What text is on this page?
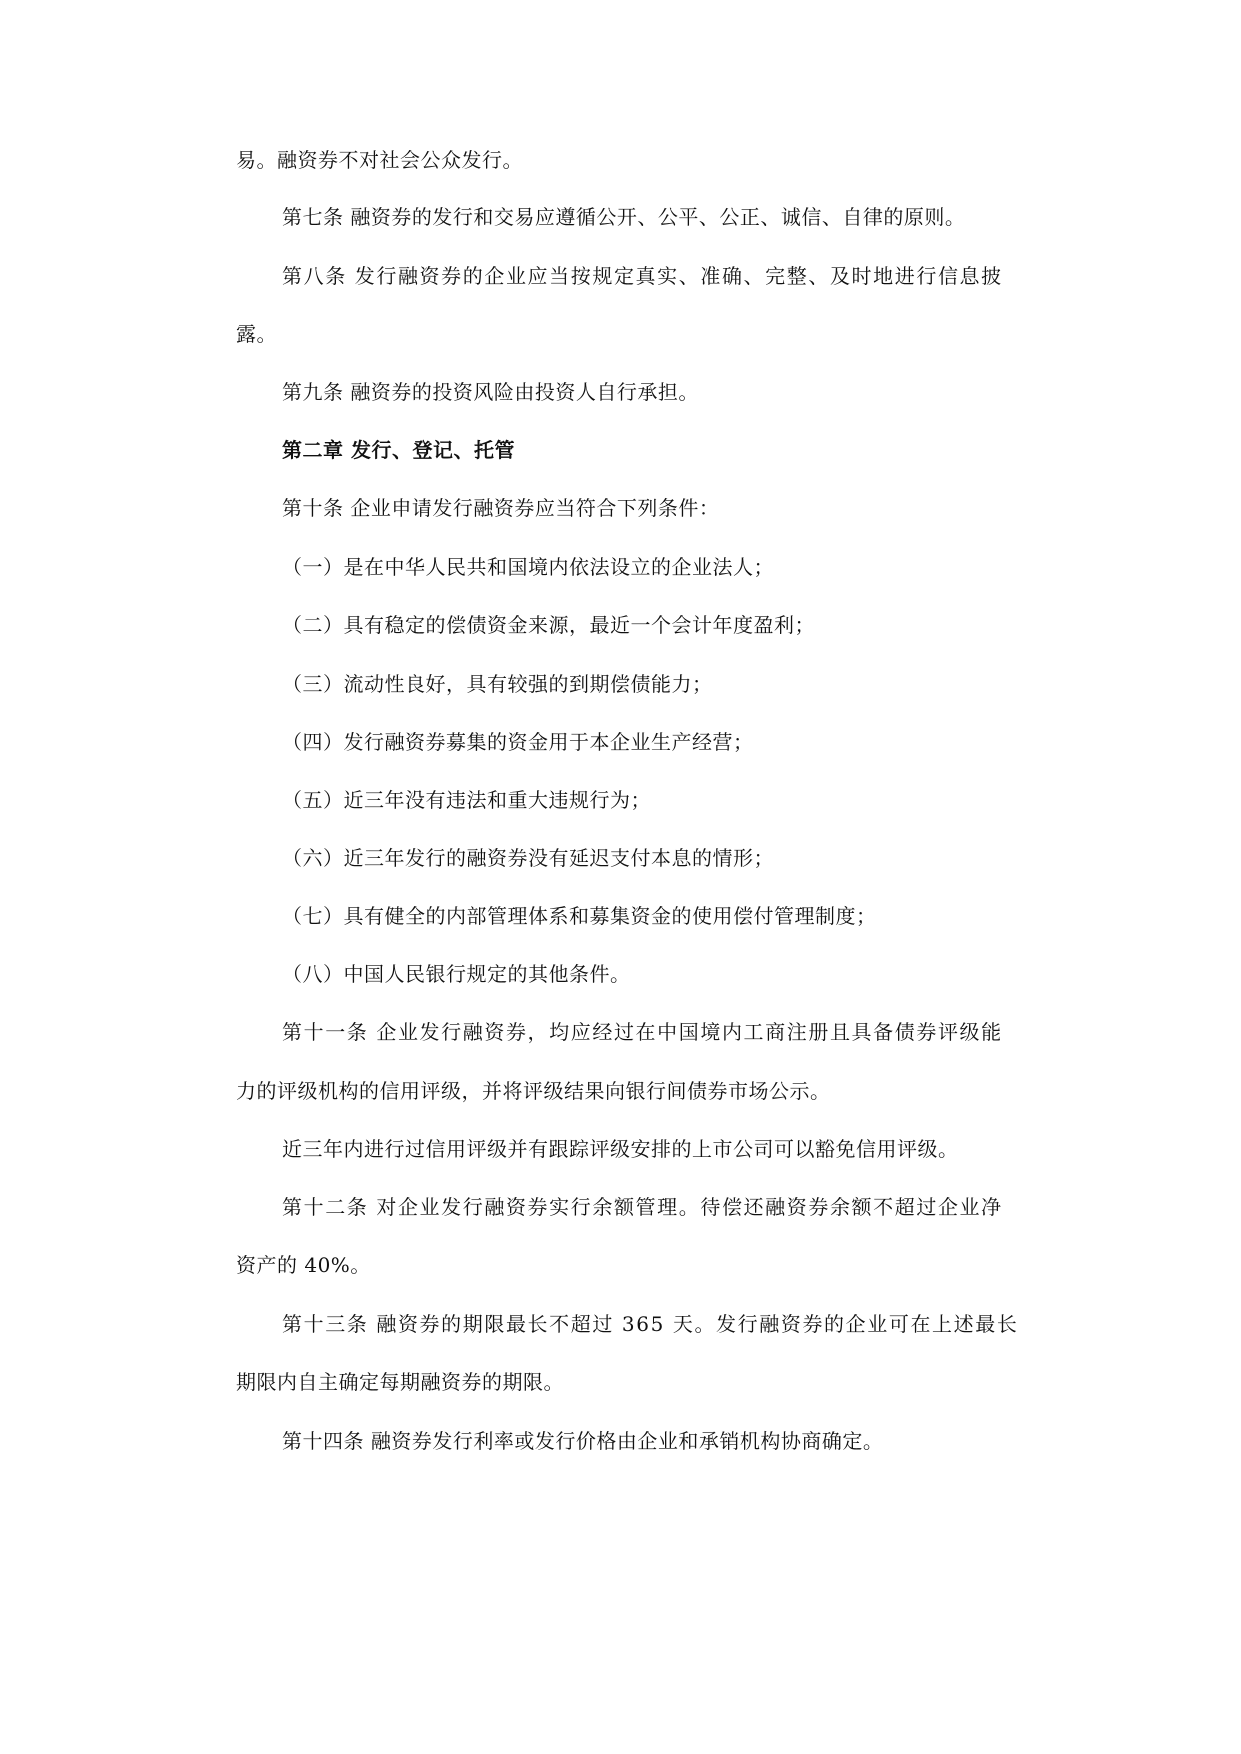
易。融资券不对社会公众发行。

第七条 融资券的发行和交易应遵循公开、公平、公正、诚信、自律的原则。

第八条 发行融资券的企业应当按规定真实、准确、完整、及时地进行信息披

露。

第九条 融资券的投资风险由投资人自行承担。

第二章 发行、登记、托管

第十条 企业申请发行融资券应当符合下列条件：

（一）是在中华人民共和国境内依法设立的企业法人；

（二）具有稳定的偿债资金来源，最近一个会计年度盈利；

（三）流动性良好，具有较强的到期偿债能力；

（四）发行融资券募集的资金用于本企业生产经营；

（五）近三年没有违法和重大违规行为；

（六）近三年发行的融资券没有延迟支付本息的情形；

（七）具有健全的内部管理体系和募集资金的使用偿付管理制度；

（八）中国人民银行规定的其他条件。

第十一条 企业发行融资券，均应经过在中国境内工商注册且具备债券评级能

力的评级机构的信用评级，并将评级结果向银行间债券市场公示。

近三年内进行过信用评级并有跟踪评级安排的上市公司可以豁免信用评级。

第十二条 对企业发行融资券实行余额管理。待偿还融资券余额不超过企业净

资产的 40%。

第十三条 融资券的期限最长不超过 365 天。发行融资券的企业可在上述最长

期限内自主确定每期融资券的期限。

第十四条 融资券发行利率或发行价格由企业和承销机构协商确定。
